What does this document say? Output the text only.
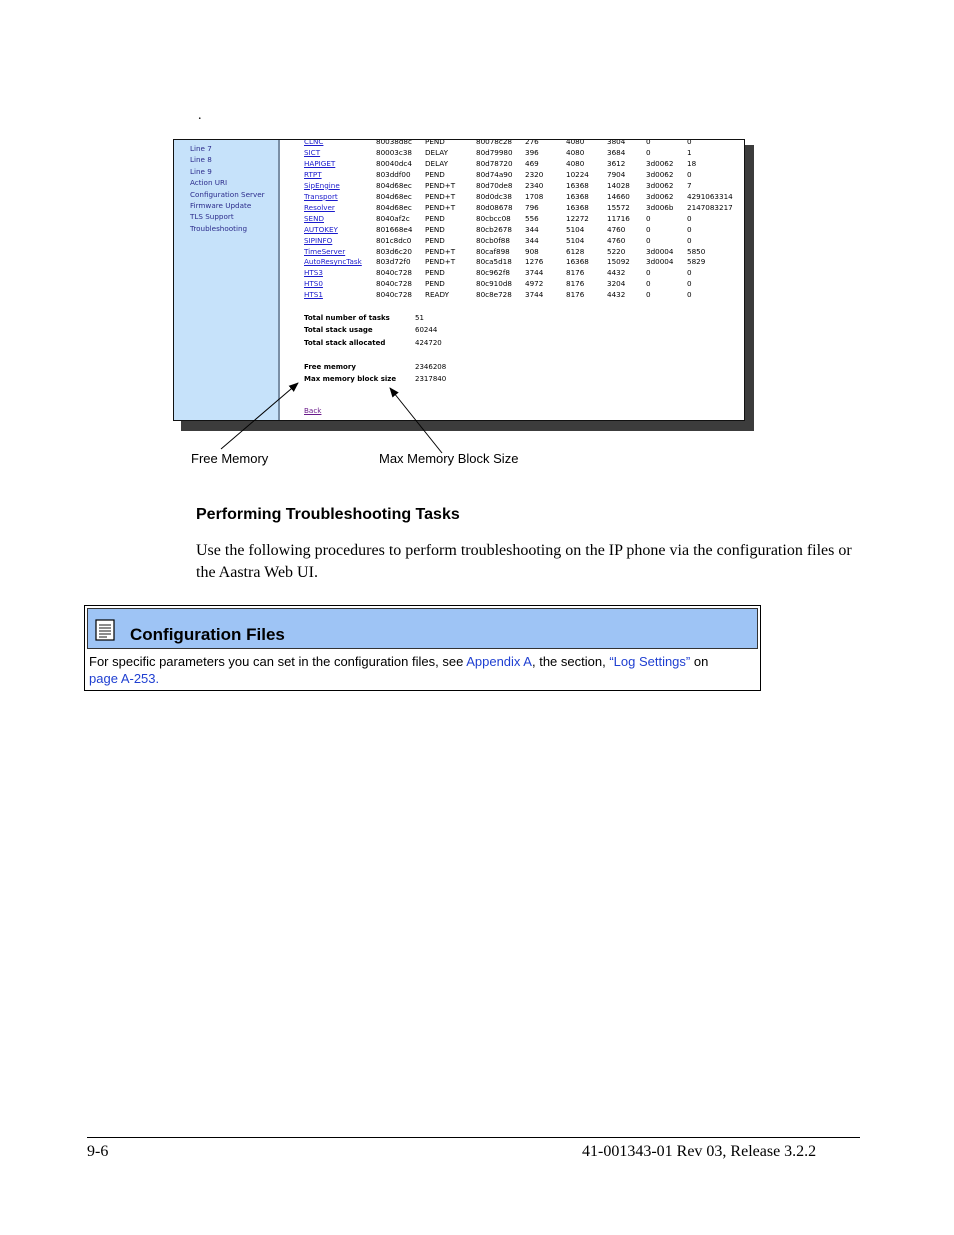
.
Line 7
Line 8
Line 9
Action URI
Configuration Server
Firmware Update
TLS Support
Troubleshooting
CLNC	80038d8c PEND	80078c28 276	4080	3804	0	0
SICT	80003c38 DELAY	80d79980 396	4080	3684	0	1
HAPIGET	80040dc4 DELAY	80d78720 469	4080	3612	3d0062 18
RTPT	803ddf00 PEND	80d74a90 2320	10224	7904	3d0062 0
SipEngine	804d68ec PEND+T	80d70de8 2340	16368	14028 3d0062 7
Transport	804d68ec PEND+T	80d0dc38 1708	16368	14660 3d0062 4291063314
Resolver	804d68ec PEND+T	80d08678 796	16368	15572 3d006b 2147083217
SEND	8040af2c PEND	80cbcc08 556	12272	11716 0	0
AUTOKEY	801668e4 PEND	80cb2678 344	5104	4760	0	0
SIPINFO	801c8dc0 PEND	80cb0f88 344	5104	4760	0	0
TimeServer	803d6c20 PEND+T	80caf898 908	6128	5220	3d0004 5850
AutoResyncTask 803d72f0 PEND+T	80ca5d18 1276	16368	15092 3d0004 5829
HTS3	8040c728 PEND	80c962f8 3744	8176	4432	0	0
HTS0	8040c728 PEND	80c910d8 4972	8176	3204	0	0
HTS1	8040c728 READY	80c8e728 3744	8176	4432	0	0
Total number of tasks	51
Total stack usage	60244
Total stack allocated	424720
Free memory	2346208
Max memory block size	2317840
Back
Free Memory	Max Memory Block Size
Performing Troubleshooting Tasks
Use the following procedures to perform troubleshooting on the IP phone via the configuration files or the Aastra Web UI.
Configuration Files
For specific parameters you can set in the configuration files, see Appendix A, the section, “Log Settings” on
page A-253.
9-6	41-001343-01 Rev 03, Release 3.2.2
